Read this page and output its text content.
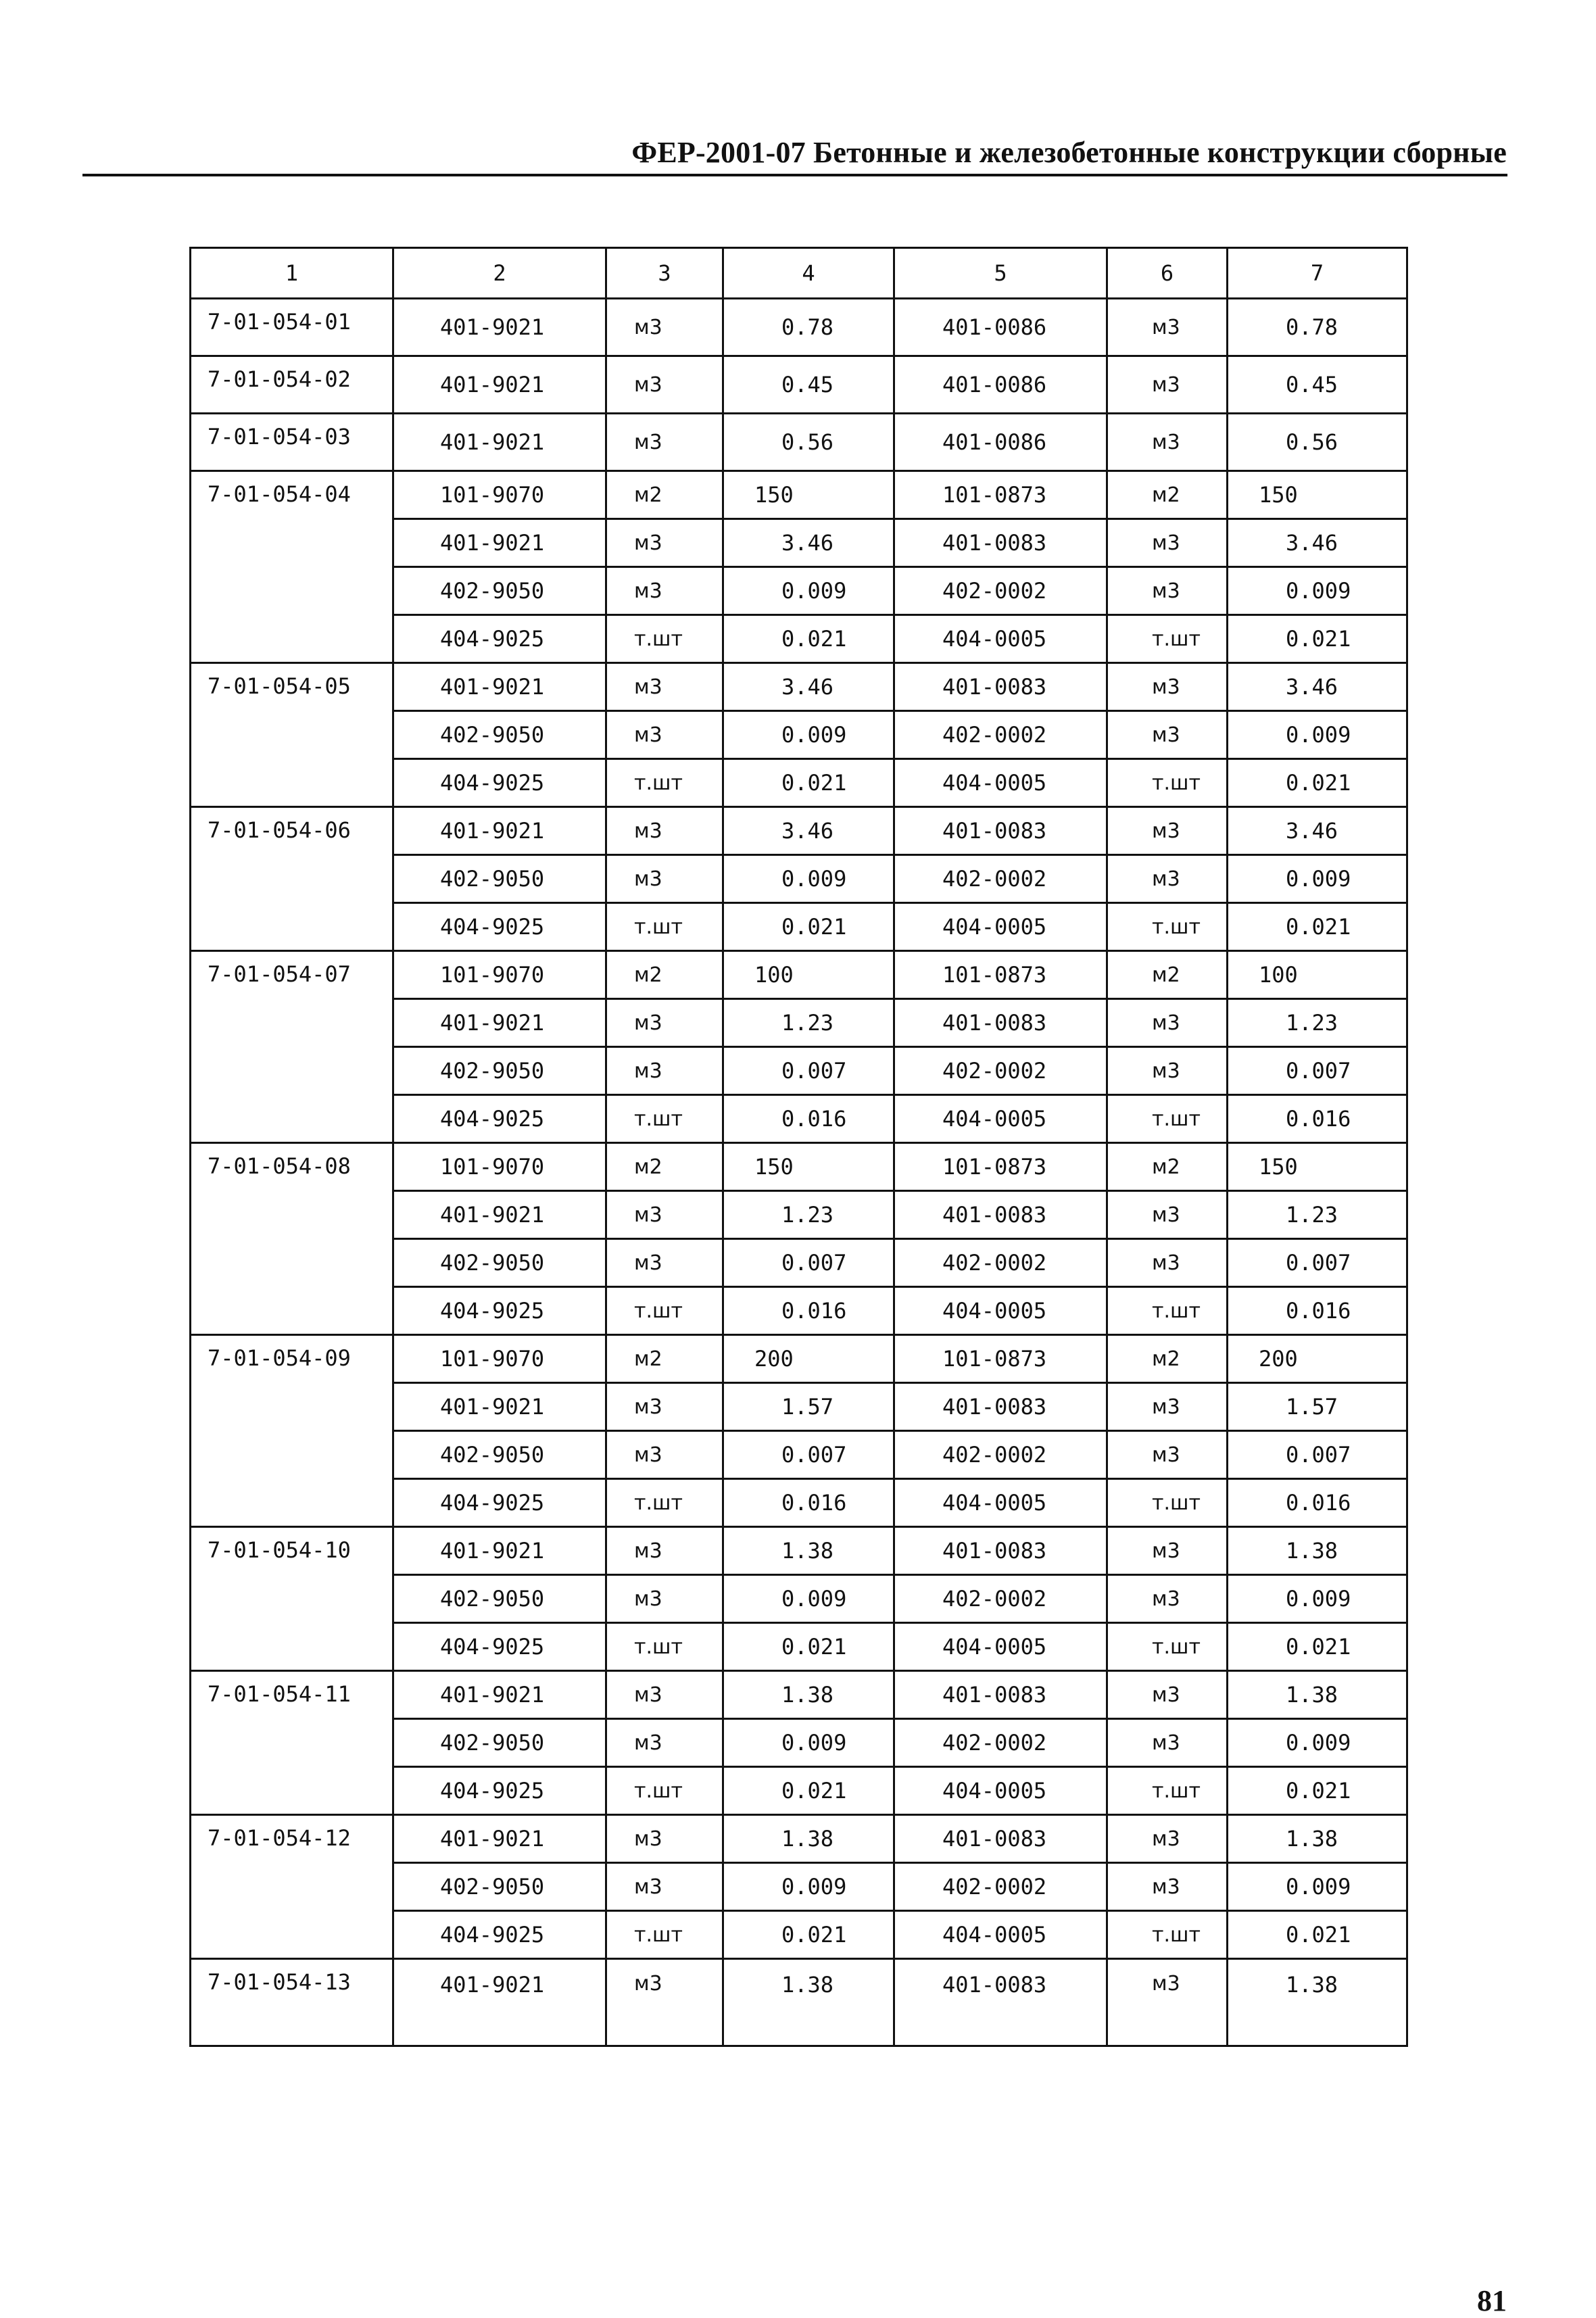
ФЕР-2001-07 Бетонные и железобетонные конструкции сборные
1	2	3	4	5	6	7
7-01-054-01	401-9021	м3	0.78	401-0086	м3	0.78
7-01-054-02	401-9021	м3	0.45	401-0086	м3	0.45
7-01-054-03	401-9021	м3	0.56	401-0086	м3	0.56
7-01-054-04	101-9070	м2	150	101-0873	м2	150
	401-9021	м3	3.46	401-0083	м3	3.46
	402-9050	м3	0.009	402-0002	м3	0.009
	404-9025	т.шт	0.021	404-0005	т.шт	0.021
7-01-054-05	401-9021	м3	3.46	401-0083	м3	3.46
	402-9050	м3	0.009	402-0002	м3	0.009
	404-9025	т.шт	0.021	404-0005	т.шт	0.021
7-01-054-06	401-9021	м3	3.46	401-0083	м3	3.46
	402-9050	м3	0.009	402-0002	м3	0.009
	404-9025	т.шт	0.021	404-0005	т.шт	0.021
7-01-054-07	101-9070	м2	100	101-0873	м2	100
	401-9021	м3	1.23	401-0083	м3	1.23
	402-9050	м3	0.007	402-0002	м3	0.007
	404-9025	т.шт	0.016	404-0005	т.шт	0.016
7-01-054-08	101-9070	м2	150	101-0873	м2	150
	401-9021	м3	1.23	401-0083	м3	1.23
	402-9050	м3	0.007	402-0002	м3	0.007
	404-9025	т.шт	0.016	404-0005	т.шт	0.016
7-01-054-09	101-9070	м2	200	101-0873	м2	200
	401-9021	м3	1.57	401-0083	м3	1.57
	402-9050	м3	0.007	402-0002	м3	0.007
	404-9025	т.шт	0.016	404-0005	т.шт	0.016
7-01-054-10	401-9021	м3	1.38	401-0083	м3	1.38
	402-9050	м3	0.009	402-0002	м3	0.009
	404-9025	т.шт	0.021	404-0005	т.шт	0.021
7-01-054-11	401-9021	м3	1.38	401-0083	м3	1.38
	402-9050	м3	0.009	402-0002	м3	0.009
	404-9025	т.шт	0.021	404-0005	т.шт	0.021
7-01-054-12	401-9021	м3	1.38	401-0083	м3	1.38
	402-9050	м3	0.009	402-0002	м3	0.009
	404-9025	т.шт	0.021	404-0005	т.шт	0.021
7-01-054-13	401-9021	м3	1.38	401-0083	м3	1.38
81
